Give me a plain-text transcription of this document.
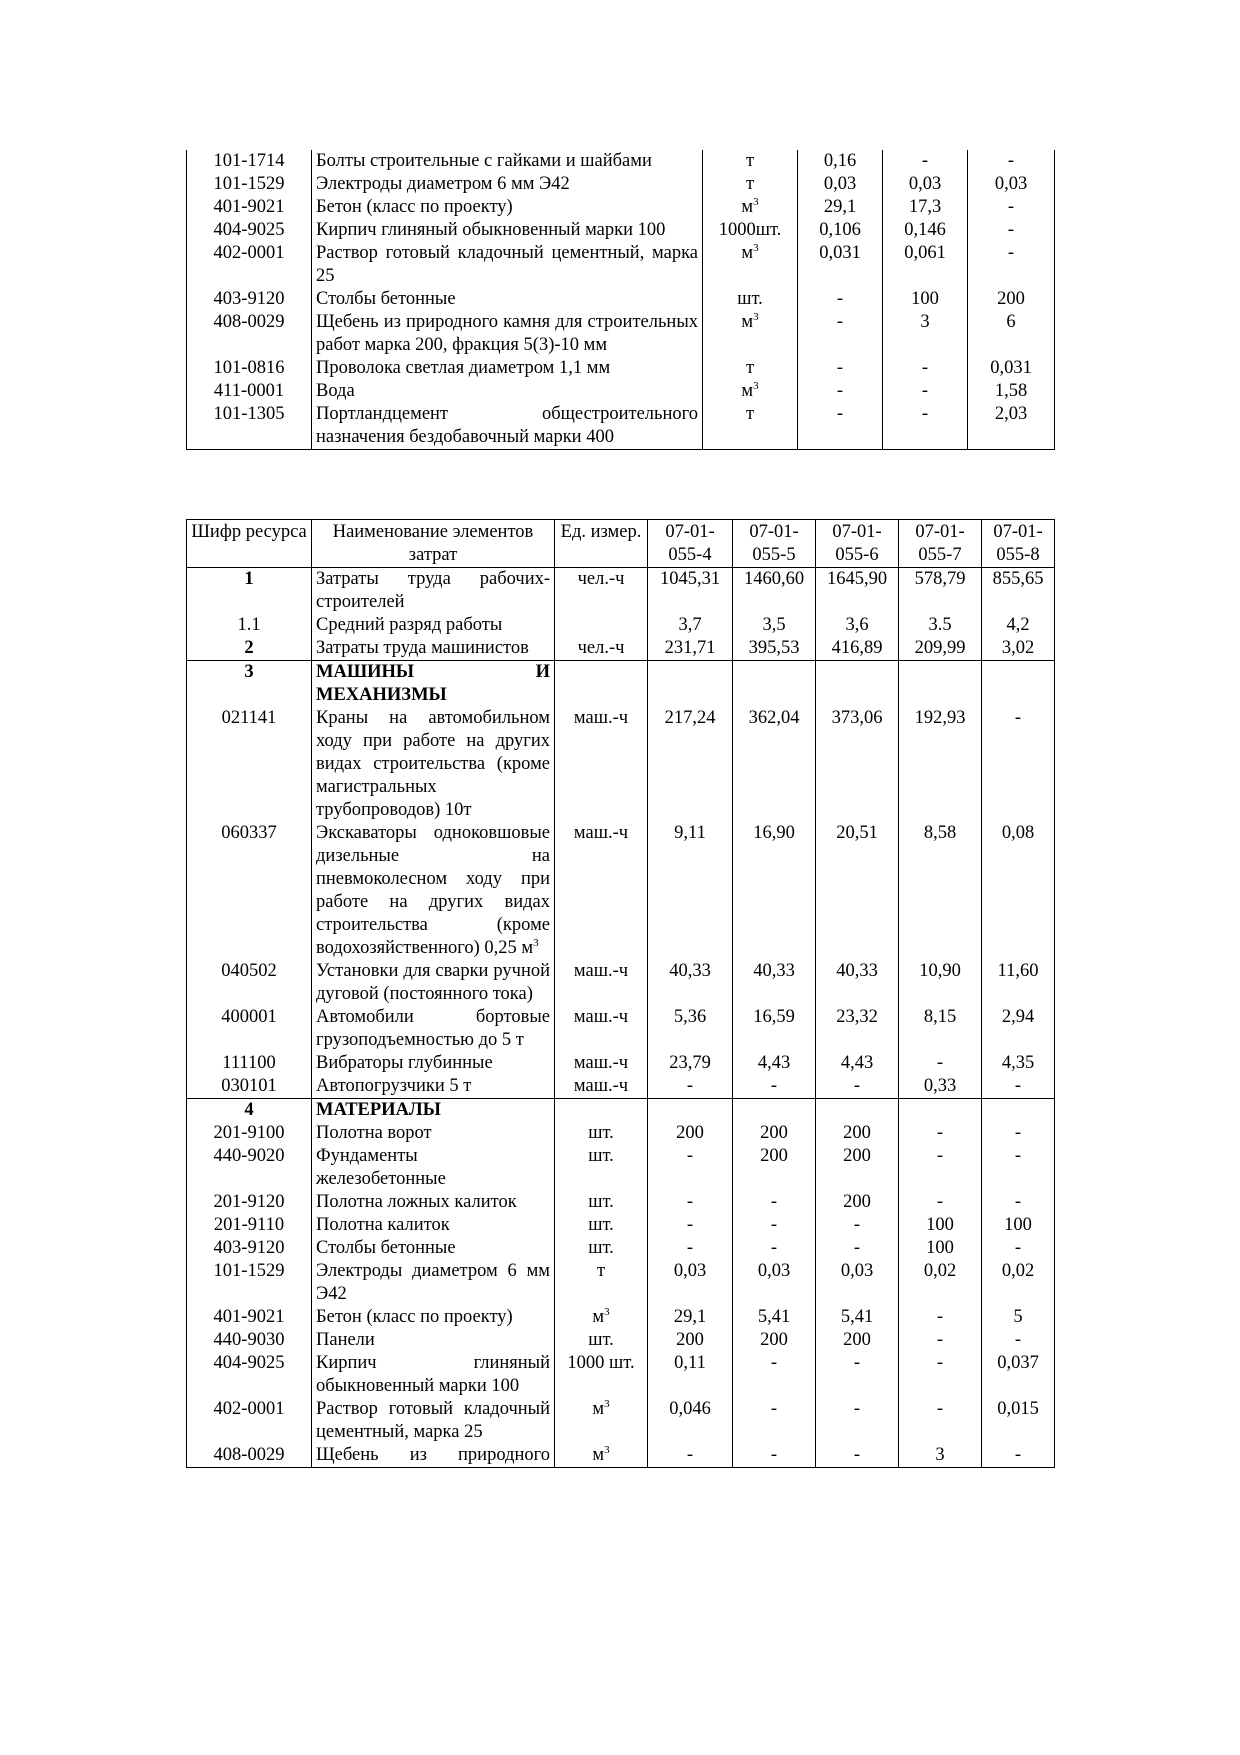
101-1714	Болты строительные с гайками и шайбами	т	0,16	-	-
101-1529	Электроды диаметром 6 мм Э42	т	0,03	0,03	0,03
401-9021	Бетон (класс по проекту)	$м^3$	29,1	17,3	-
404-9025	Кирпич глиняный обыкновенный марки 100	1000шт.	0,106	0,146	-
402-0001	Раствор готовый кладочный цементный, марка 25	$м^3$	0,031	0,061	-
403-9120	Столбы бетонные	шт.	-	100	200
408-0029	Щебень из природного камня для строительных работ марка 200, фракция 5(3)-10 мм	$м^3$	-	3	6
101-0816	Проволока светлая диаметром 1,1 мм	т	-	-	0,031
411-0001	Вода	$м^3$	-	-	1,58
101-1305	Портландцемент общестроительного назначения бездобавочный марки 400	т	-	-	2,03
Шифр ресурса	Наименование элементов затрат	Ед. измер.	07-01-055-4	07-01-055-5	07-01-055-6	07-01-055-7	07-01-055-8
1	Затраты труда рабочих-строителей	чел.-ч	1045,31	1460,60	1645,90	578,79	855,65
1.1	Средний разряд работы		3,7	3,5	3,6	3.5	4,2
2	Затраты труда машинистов	чел.-ч	231,71	395,53	416,89	209,99	3,02
3	МАШИНЫ И МЕХАНИЗМЫ						
021141	Краны на автомобильном ходу при работе на других видах строительства (кроме магистральных трубопроводов) 10т	маш.-ч	217,24	362,04	373,06	192,93	-
060337	Экскаваторы одноковшовые дизельные на пневмоколесном ходу при работе на других видах строительства (кроме водохозяйственного) 0,25 $м^3$	маш.-ч	9,11	16,90	20,51	8,58	0,08
040502	Установки для сварки ручной дуговой (постоянного тока)	маш.-ч	40,33	40,33	40,33	10,90	11,60
400001	Автомобили бортовые грузоподъемностью до 5 т	маш.-ч	5,36	16,59	23,32	8,15	2,94
111100	Вибраторы глубинные	маш.-ч	23,79	4,43	4,43	-	4,35
030101	Автопогрузчики 5 т	маш.-ч	-	-	-	0,33	-
4	МАТЕРИАЛЫ						
201-9100	Полотна ворот	шт.	200	200	200	-	-
440-9020	Фундаменты железобетонные	шт.	-	200	200	-	-
201-9120	Полотна ложных калиток	шт.	-	-	200	-	-
201-9110	Полотна калиток	шт.	-	-	-	100	100
403-9120	Столбы бетонные	шт.	-	-	-	100	-
101-1529	Электроды диаметром 6 мм Э42	т	0,03	0,03	0,03	0,02	0,02
401-9021	Бетон (класс по проекту)	$м^3$	29,1	5,41	5,41	-	5
440-9030	Панели	шт.	200	200	200	-	-
404-9025	Кирпич глиняный обыкновенный марки 100	1000 шт.	0,11	-	-	-	0,037
402-0001	Раствор готовый кладочный цементный, марка 25	$м^3$	0,046	-	-	-	0,015
408-0029	Щебень из природного	$м^3$	-	-	-	3	-
